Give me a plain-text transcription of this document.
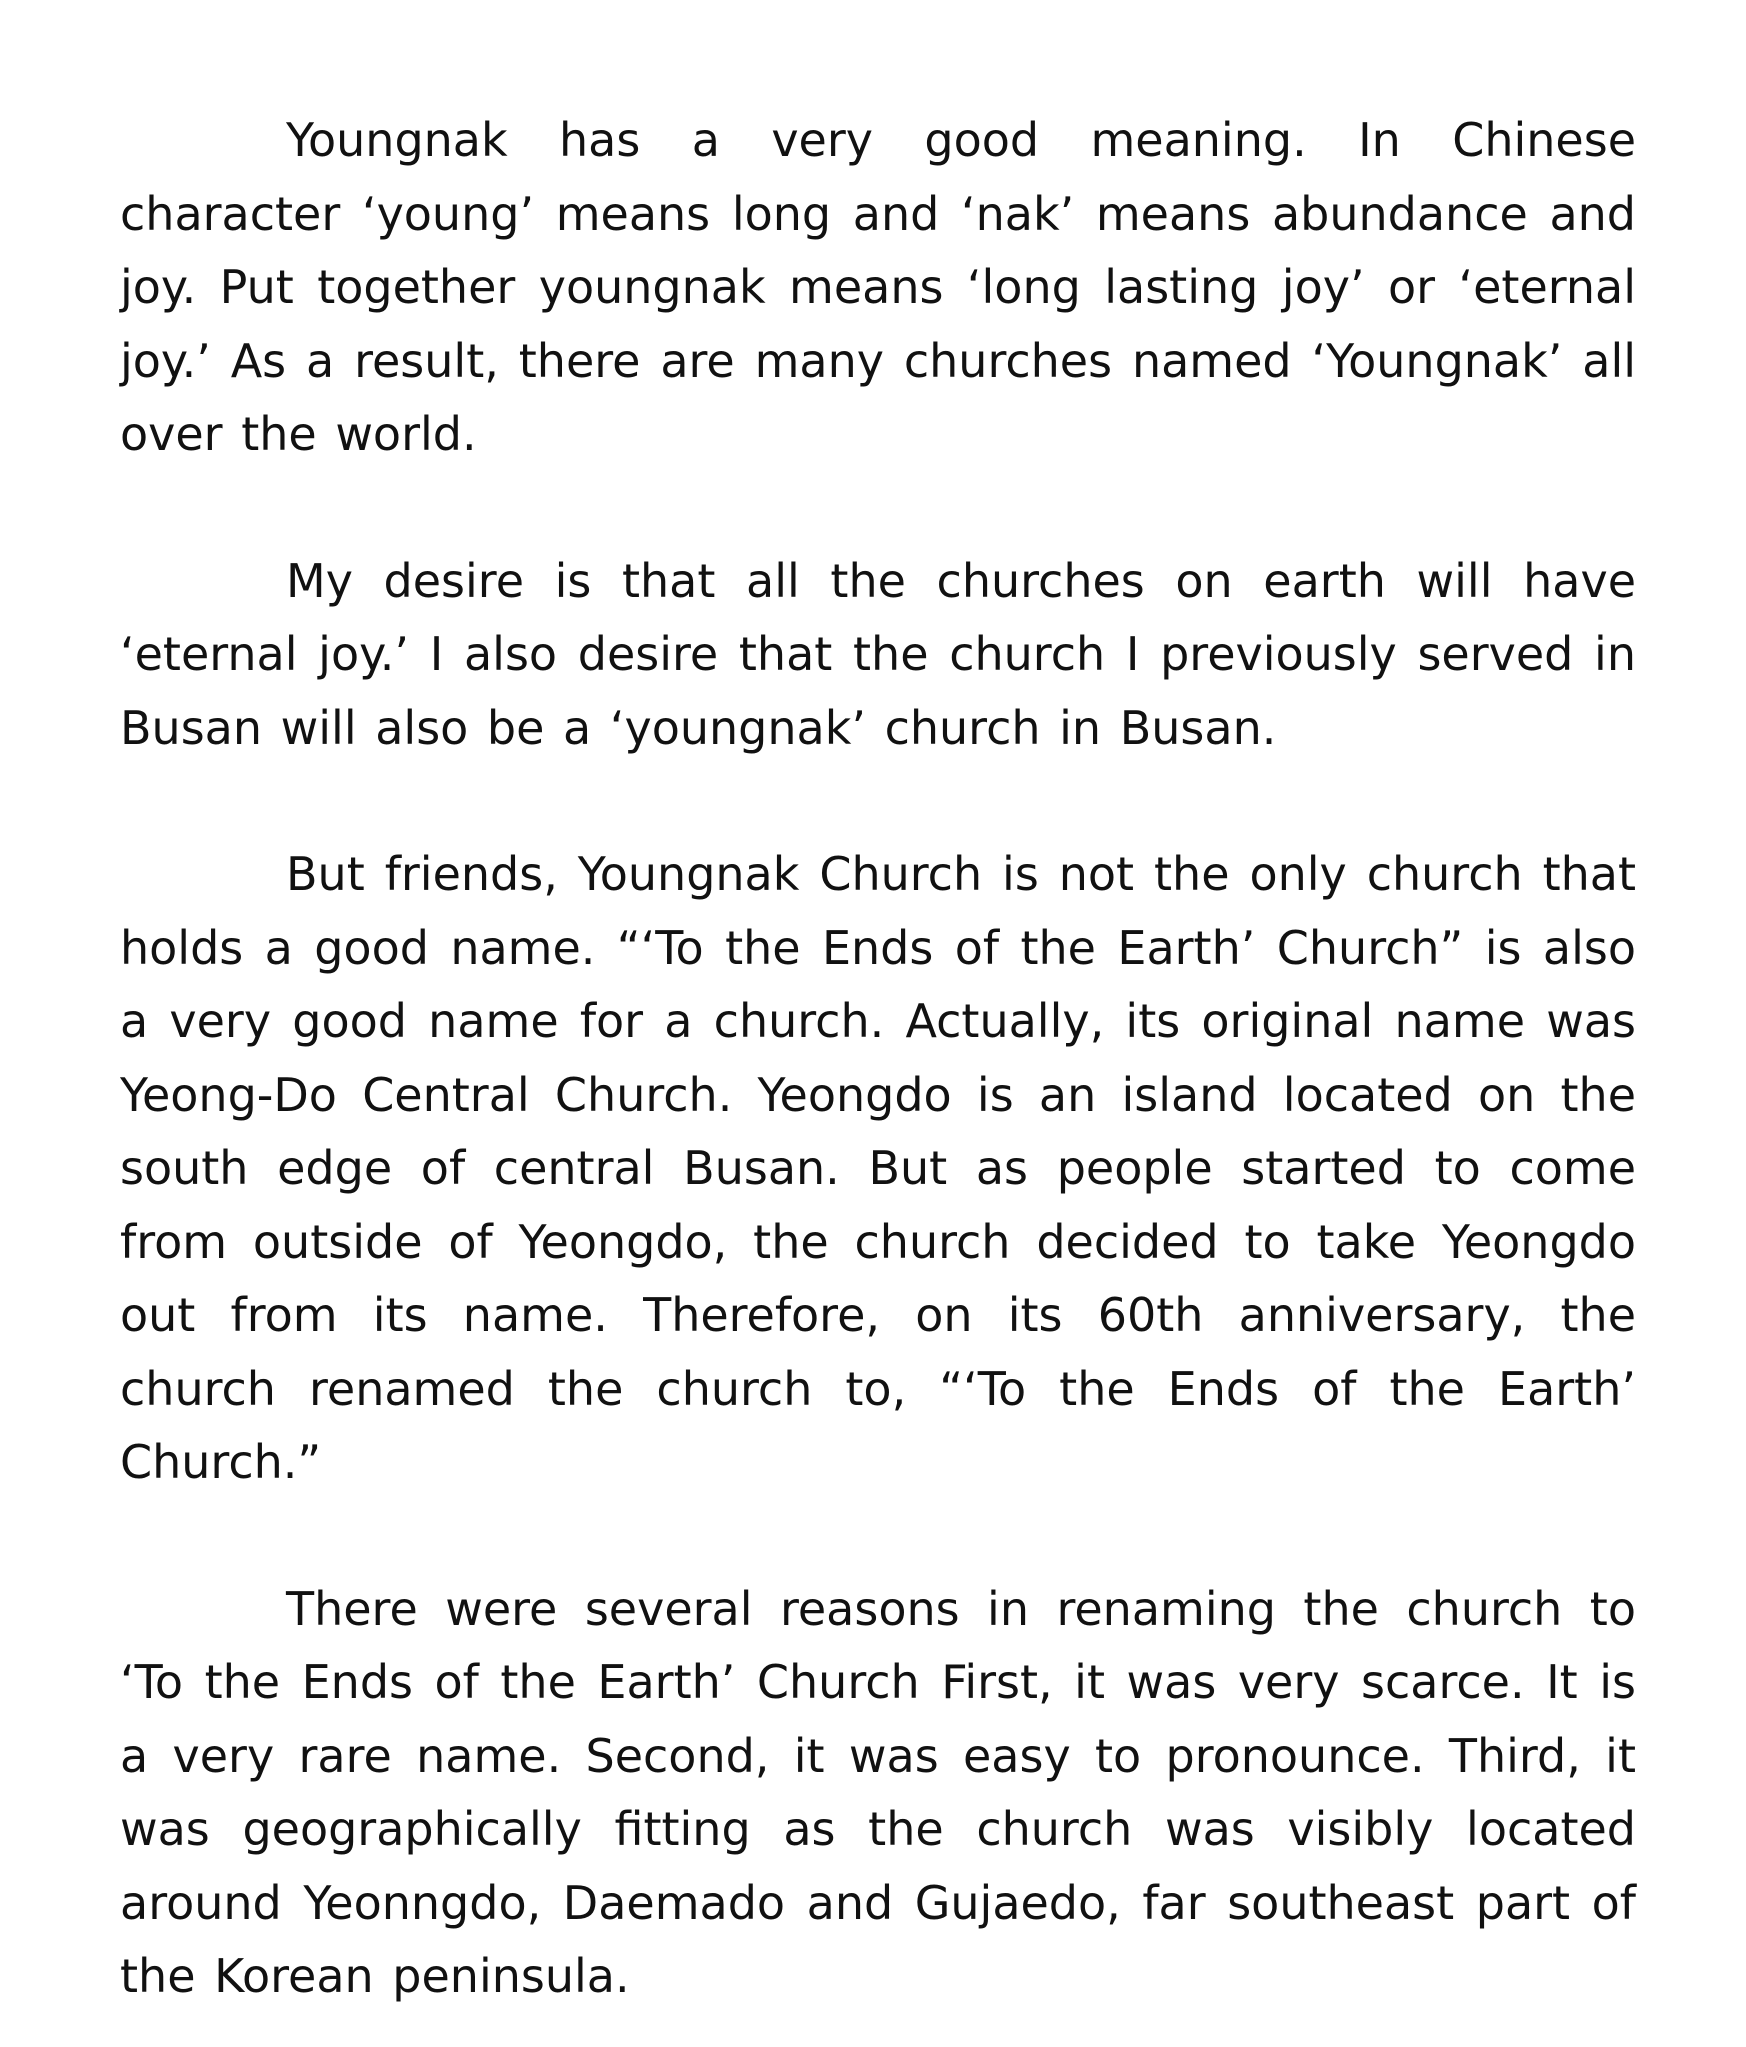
Youngnak has a very good meaning. In Chinese character ‘young’ means long and ‘nak’ means abundance and joy. Put together youngnak means ‘long lasting joy’ or ‘eternal joy.’ As a result, there are many churches named ‘Youngnak’ all over the world.

My desire is that all the churches on earth will have ‘eternal joy.’ I also desire that the church I previously served in Busan will also be a ‘youngnak’ church in Busan.

But friends, Youngnak Church is not the only church that holds a good name. “‘To the Ends of the Earth’ Church” is also a very good name for a church. Actually, its original name was Yeong-Do Central Church. Yeongdo is an island located on the south edge of central Busan. But as people started to come from outside of Yeongdo, the church decided to take Yeongdo out from its name. Therefore, on its 60th anniversary, the church renamed the church to, “‘To the Ends of the Earth’ Church.”

There were several reasons in renaming the church to ‘To the Ends of the Earth’ Church First, it was very scarce. It is a very rare name. Second, it was easy to pronounce. Third, it was geographically fitting as the church was visibly located around Yeonngdo, Daemado and Gujaedo, far southeast part of the Korean peninsula.
